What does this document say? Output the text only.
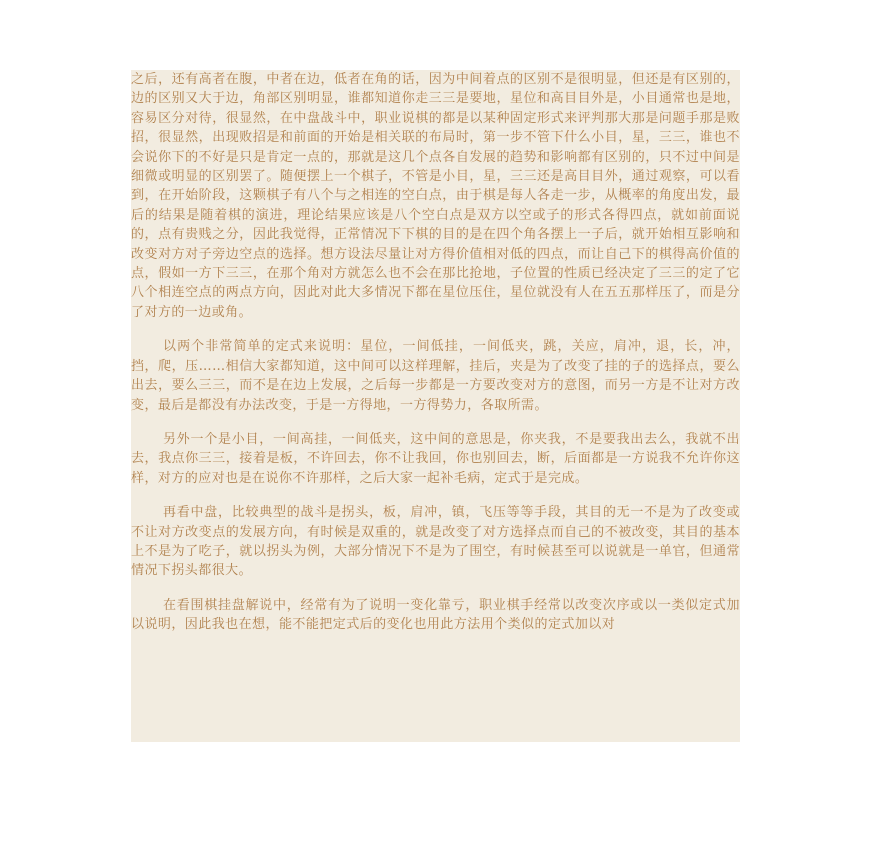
之后，还有高者在腹，中者在边，低者在角的话，因为中间着点的区别不是很明显，但还是有区别的，边的区别又大于边，角部区别明显，谁都知道你走三三是要地，星位和高目目外是，小目通常也是地，容易区分对待，很显然，在中盘战斗中，职业说棋的都是以某种固定形式来评判那大那是问题手那是败招，很显然，出现败招是和前面的开始是相关联的布局时，第一步不管下什么小目，星，三三，谁也不会说你下的不好是只是肯定一点的，那就是这几个点各自发展的趋势和影响都有区别的，只不过中间是细微或明显的区别罢了。随便摆上一个棋子，不管是小目，星，三三还是高目目外，通过观察，可以看到，在开始阶段，这颗棋子有八个与之相连的空白点，由于棋是每人各走一步，从概率的角度出发，最后的结果是随着棋的演进，理论结果应该是八个空白点是双方以空或子的形式各得四点，就如前面说的，点有贵贱之分，因此我觉得，正常情况下下棋的目的是在四个角各摆上一子后，就开始相互影响和改变对方对子旁边空点的选择。想方设法尽量让对方得价值相对低的四点，而让自己下的棋得高价值的点，假如一方下三三，在那个角对方就怎么也不会在那比抢地，子位置的性质已经决定了三三的定了它八个相连空点的两点方向，因此对此大多情况下都在星位压住，星位就没有人在五五那样压了，而是分了对方的一边或角。

以两个非常简单的定式来说明：星位，一间低挂，一间低夹，跳，关应，肩冲，退，长，冲，挡，爬，压……相信大家都知道，这中间可以这样理解，挂后，夹是为了改变了挂的子的选择点，要么出去，要么三三，而不是在边上发展，之后每一步都是一方要改变对方的意图，而另一方是不让对方改变，最后是都没有办法改变，于是一方得地，一方得势力，各取所需。

另外一个是小目，一间高挂，一间低夹，这中间的意思是，你夹我，不是要我出去么，我就不出去，我点你三三，接着是板，不许回去，你不让我回，你也别回去，断，后面都是一方说我不允许你这样，对方的应对也是在说你不许那样，之后大家一起补毛病，定式于是完成。

再看中盘，比较典型的战斗是拐头，板，肩冲，镇，飞压等等手段，其目的无一不是为了改变或不让对方改变点的发展方向，有时候是双重的，就是改变了对方选择点而自己的不被改变，其目的基本上不是为了吃子，就以拐头为例，大部分情况下不是为了围空，有时候甚至可以说就是一单官，但通常情况下拐头都很大。

在看围棋挂盘解说中，经常有为了说明一变化靠亏，职业棋手经常以改变次序或以一类似定式加以说明，因此我也在想，能不能把定式后的变化也用此方法用个类似的定式加以对
